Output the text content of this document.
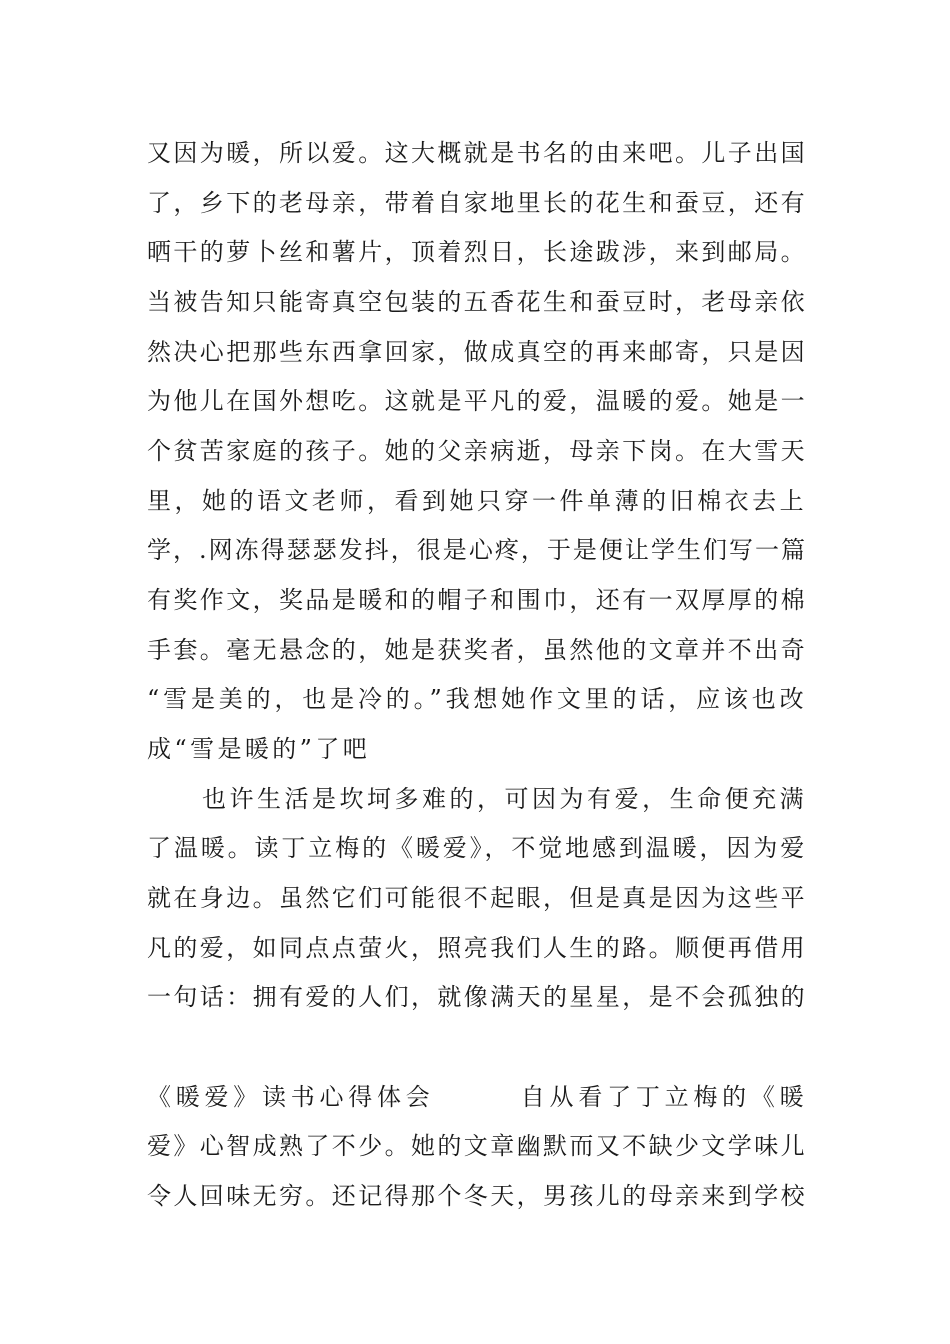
又因为暖，所以爱。这大概就是书名的由来吧。儿子出国
了，乡下的老母亲，带着自家地里长的花生和蚕豆，还有
晒干的萝卜丝和薯片，顶着烈日，长途跋涉，来到邮局。
当被告知只能寄真空包装的五香花生和蚕豆时，老母亲依
然决心把那些东西拿回家，做成真空的再来邮寄，只是因
为他儿在国外想吃。这就是平凡的爱，温暖的爱。她是一
个贫苦家庭的孩子。她的父亲病逝，母亲下岗。在大雪天
里，她的语文老师，看到她只穿一件单薄的旧棉衣去上
学，.网冻得瑟瑟发抖，很是心疼，于是便让学生们写一篇
有奖作文，奖品是暖和的帽子和围巾，还有一双厚厚的棉
手套。毫无悬念的，她是获奖者，虽然他的文章并不出奇
“雪是美的，也是冷的。”我想她作文里的话，应该也改
成“雪是暖的”了吧
　　也许生活是坎坷多难的，可因为有爱，生命便充满
了温暖。读丁立梅的《暖爱》，不觉地感到温暖，因为爱
就在身边。虽然它们可能很不起眼，但是真是因为这些平
凡的爱，如同点点萤火，照亮我们人生的路。顺便再借用
一句话：拥有爱的人们，就像满天的星星，是不会孤独的
《暖爱》读书心得体会　　　自从看了丁立梅的《暖
爱》心智成熟了不少。她的文章幽默而又不缺少文学味儿
令人回味无穷。还记得那个冬天，男孩儿的母亲来到学校
